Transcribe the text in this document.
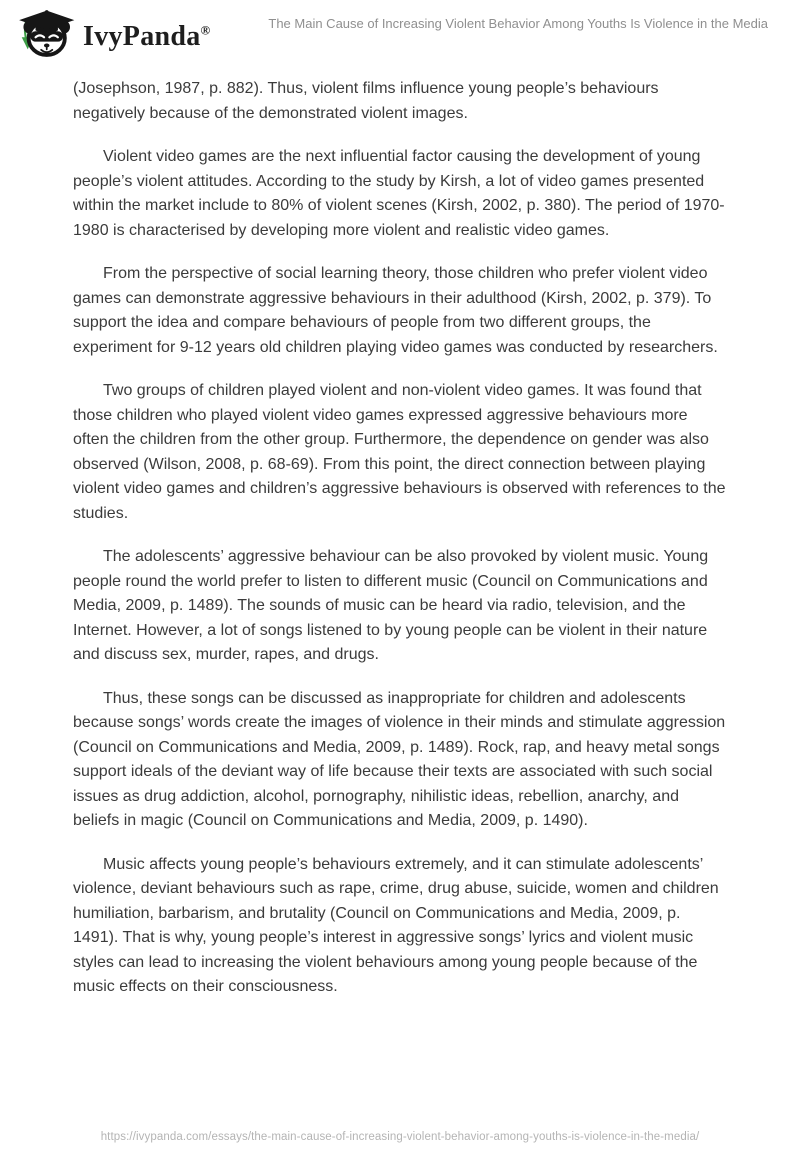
IvyPanda®	The Main Cause of Increasing Violent Behavior Among Youths Is Violence in the Media

(Josephson, 1987, p. 882). Thus, violent films influence young people’s behaviours negatively because of the demonstrated violent images.

Violent video games are the next influential factor causing the development of young people’s violent attitudes. According to the study by Kirsh, a lot of video games presented within the market include to 80% of violent scenes (Kirsh, 2002, p. 380). The period of 1970-1980 is characterised by developing more violent and realistic video games.

From the perspective of social learning theory, those children who prefer violent video games can demonstrate aggressive behaviours in their adulthood (Kirsh, 2002, p. 379). To support the idea and compare behaviours of people from two different groups, the experiment for 9-12 years old children playing video games was conducted by researchers.

Two groups of children played violent and non-violent video games. It was found that those children who played violent video games expressed aggressive behaviours more often the children from the other group. Furthermore, the dependence on gender was also observed (Wilson, 2008, p. 68-69). From this point, the direct connection between playing violent video games and children’s aggressive behaviours is observed with references to the studies.

The adolescents’ aggressive behaviour can be also provoked by violent music. Young people round the world prefer to listen to different music (Council on Communications and Media, 2009, p. 1489). The sounds of music can be heard via radio, television, and the Internet. However, a lot of songs listened to by young people can be violent in their nature and discuss sex, murder, rapes, and drugs.

Thus, these songs can be discussed as inappropriate for children and adolescents because songs’ words create the images of violence in their minds and stimulate aggression (Council on Communications and Media, 2009, p. 1489). Rock, rap, and heavy metal songs support ideals of the deviant way of life because their texts are associated with such social issues as drug addiction, alcohol, pornography, nihilistic ideas, rebellion, anarchy, and beliefs in magic (Council on Communications and Media, 2009, p. 1490).

Music affects young people’s behaviours extremely, and it can stimulate adolescents’ violence, deviant behaviours such as rape, crime, drug abuse, suicide, women and children humiliation, barbarism, and brutality (Council on Communications and Media, 2009, p. 1491). That is why, young people’s interest in aggressive songs’ lyrics and violent music styles can lead to increasing the violent behaviours among young people because of the music effects on their consciousness.

https://ivypanda.com/essays/the-main-cause-of-increasing-violent-behavior-among-youths-is-violence-in-the-media/
